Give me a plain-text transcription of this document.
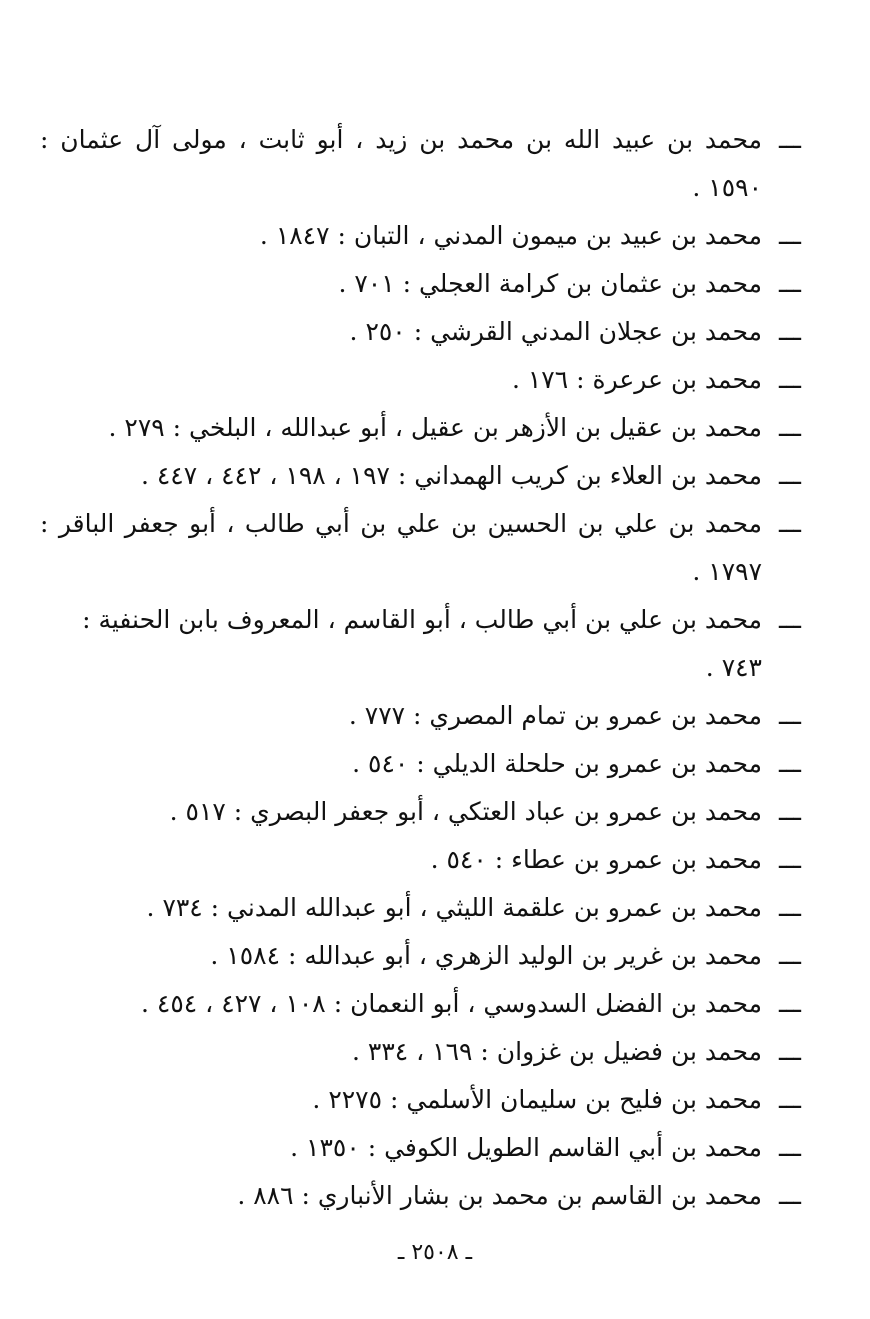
ـــ
محمد بن عبيد الله بن محمد بن زيد ، أبو ثابت ، مولى آل عثمان : ١٥٩٠ .
ـــ
محمد بن عبيد بن ميمون المدني ، التبان : ١٨٤٧ .
ـــ
محمد بن عثمان بن كرامة العجلي : ٧٠١ .
ـــ
محمد بن عجلان المدني القرشي : ٢٥٠ .
ـــ
محمد بن عرعرة : ١٧٦ .
ـــ
محمد بن عقيل بن الأزهر بن عقيل ، أبو عبدالله ، البلخي : ٢٧٩ .
ـــ
محمد بن العلاء بن كريب الهمداني : ١٩٧ ، ١٩٨ ، ٤٤٢ ، ٤٤٧ .
ـــ
محمد بن علي بن الحسين بن علي بن أبي طالب ، أبو جعفر الباقر : ١٧٩٧ .
ـــ
محمد بن علي بن أبي طالب ، أبو القاسم ، المعروف بابن الحنفية : ٧٤٣ .
ـــ
محمد بن عمرو بن تمام المصري : ٧٧٧ .
ـــ
محمد بن عمرو بن حلحلة الديلي : ٥٤٠ .
ـــ
محمد بن عمرو بن عباد العتكي ، أبو جعفر البصري : ٥١٧ .
ـــ
محمد بن عمرو بن عطاء : ٥٤٠ .
ـــ
محمد بن عمرو بن علقمة الليثي ، أبو عبدالله المدني : ٧٣٤ .
ـــ
محمد بن غرير بن الوليد الزهري ، أبو عبدالله : ١٥٨٤ .
ـــ
محمد بن الفضل السدوسي ، أبو النعمان : ١٠٨ ، ٤٢٧ ، ٤٥٤ .
ـــ
محمد بن فضيل بن غزوان : ١٦٩ ، ٣٣٤ .
ـــ
محمد بن فليح بن سليمان الأسلمي : ٢٢٧٥ .
ـــ
محمد بن أبي القاسم الطويل الكوفي : ١٣٥٠ .
ـــ
محمد بن القاسم بن محمد بن بشار الأنباري : ٨٨٦ .
ـ ٢٥٠٨ ـ
